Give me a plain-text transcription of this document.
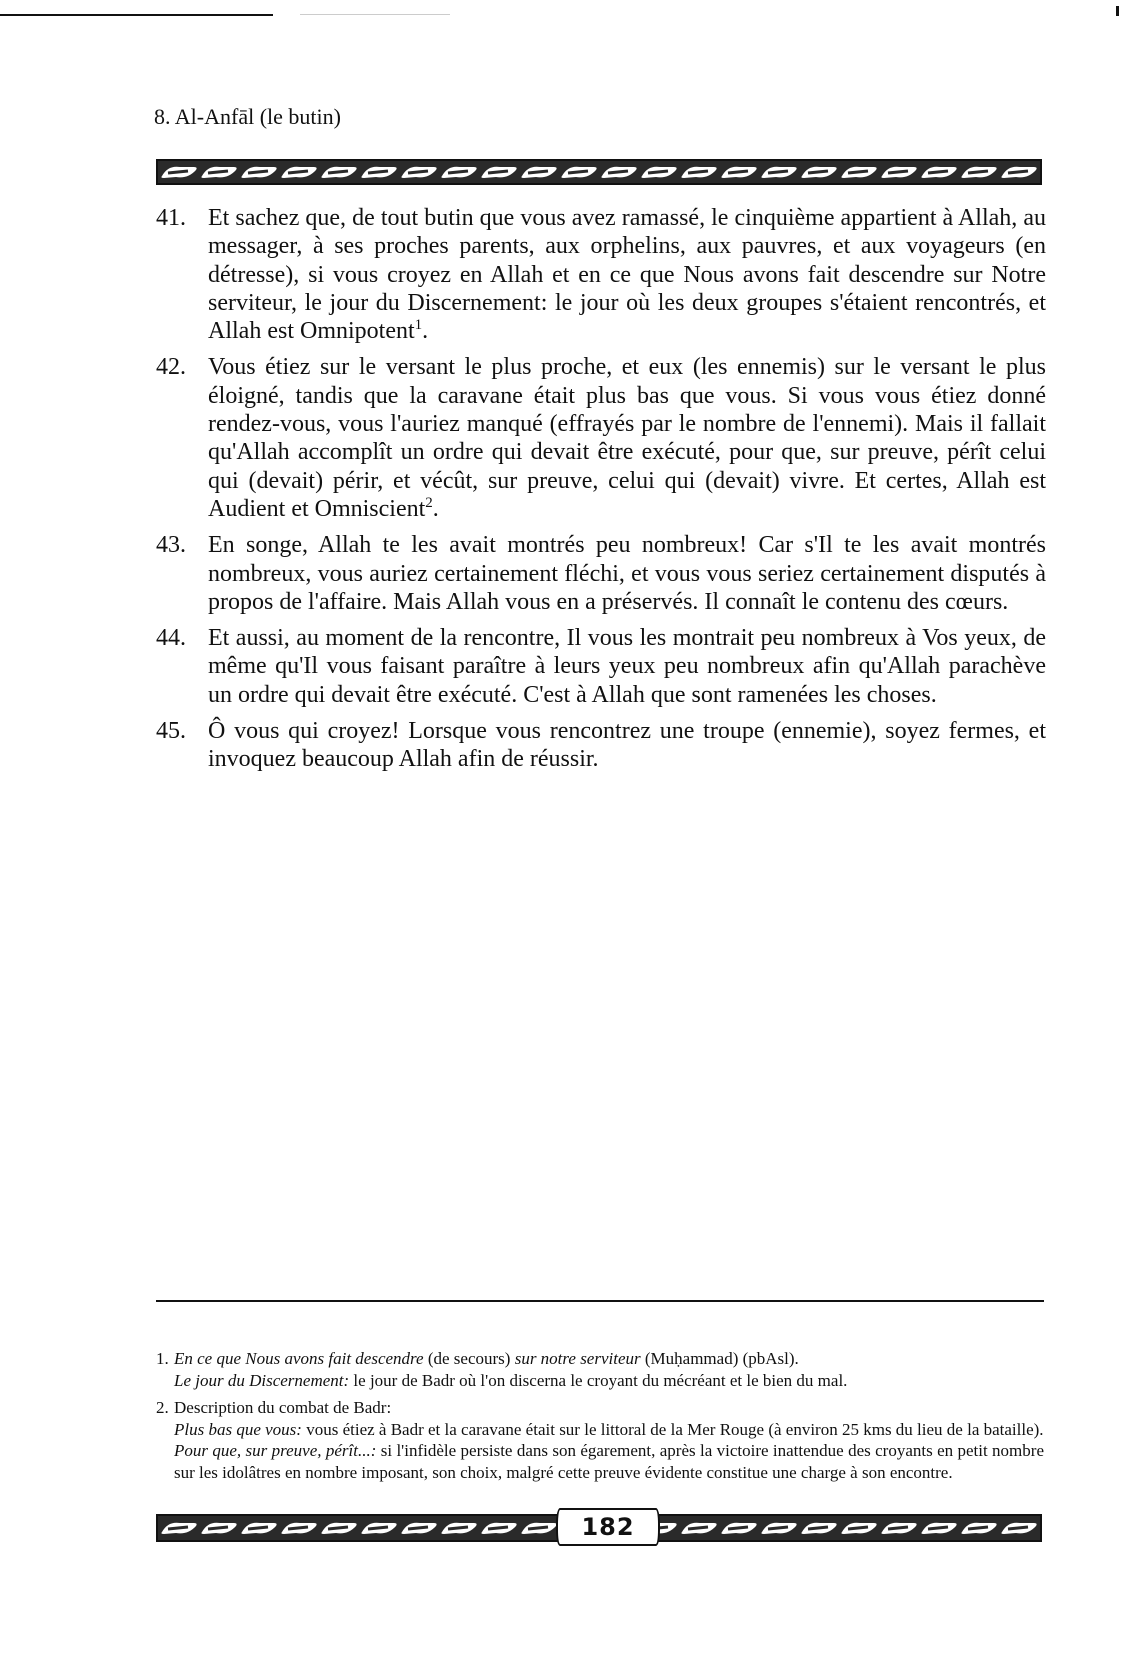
8. Al-Anfāl (le butin)
41. Et sachez que, de tout butin que vous avez ramassé, le cinquième appartient à Allah, au messager, à ses proches parents, aux orphelins, aux pauvres, et aux voyageurs (en détresse), si vous croyez en Allah et en ce que Nous avons fait descendre sur Notre serviteur, le jour du Discernement: le jour où les deux groupes s'étaient rencontrés, et Allah est Omnipotent$^1$.
42. Vous étiez sur le versant le plus proche, et eux (les ennemis) sur le versant le plus éloigné, tandis que la caravane était plus bas que vous. Si vous vous étiez donné rendez-vous, vous l'auriez manqué (effrayés par le nombre de l'ennemi). Mais il fallait qu'Allah accomplît un ordre qui devait être exécuté, pour que, sur preuve, pérît celui qui (devait) périr, et vécût, sur preuve, celui qui (devait) vivre. Et certes, Allah est Audient et Omniscient$^2$.
43. En songe, Allah te les avait montrés peu nombreux! Car s'Il te les avait montrés nombreux, vous auriez certainement fléchi, et vous vous seriez certainement disputés à propos de l'affaire. Mais Allah vous en a préservés. Il connaît le contenu des cœurs.
44. Et aussi, au moment de la rencontre, Il vous les montrait peu nombreux à Vos yeux, de même qu'Il vous faisant paraître à leurs yeux peu nombreux afin qu'Allah parachève un ordre qui devait être exécuté. C'est à Allah que sont ramenées les choses.
45. Ô vous qui croyez! Lorsque vous rencontrez une troupe (ennemie), soyez fermes, et invoquez beaucoup Allah afin de réussir.
1. En ce que Nous avons fait descendre (de secours) sur notre serviteur (Muḥammad) (pbAsl).
Le jour du Discernement: le jour de Badr où l'on discerna le croyant du mécréant et le bien du mal.
2. Description du combat de Badr:
Plus bas que vous: vous étiez à Badr et la caravane était sur le littoral de la Mer Rouge (à environ 25 kms du lieu de la bataille).
Pour que, sur preuve, pérît...: si l'infidèle persiste dans son égarement, après la victoire inattendue des croyants en petit nombre sur les idolâtres en nombre imposant, son choix, malgré cette preuve évidente constitue une charge à son encontre.
182
